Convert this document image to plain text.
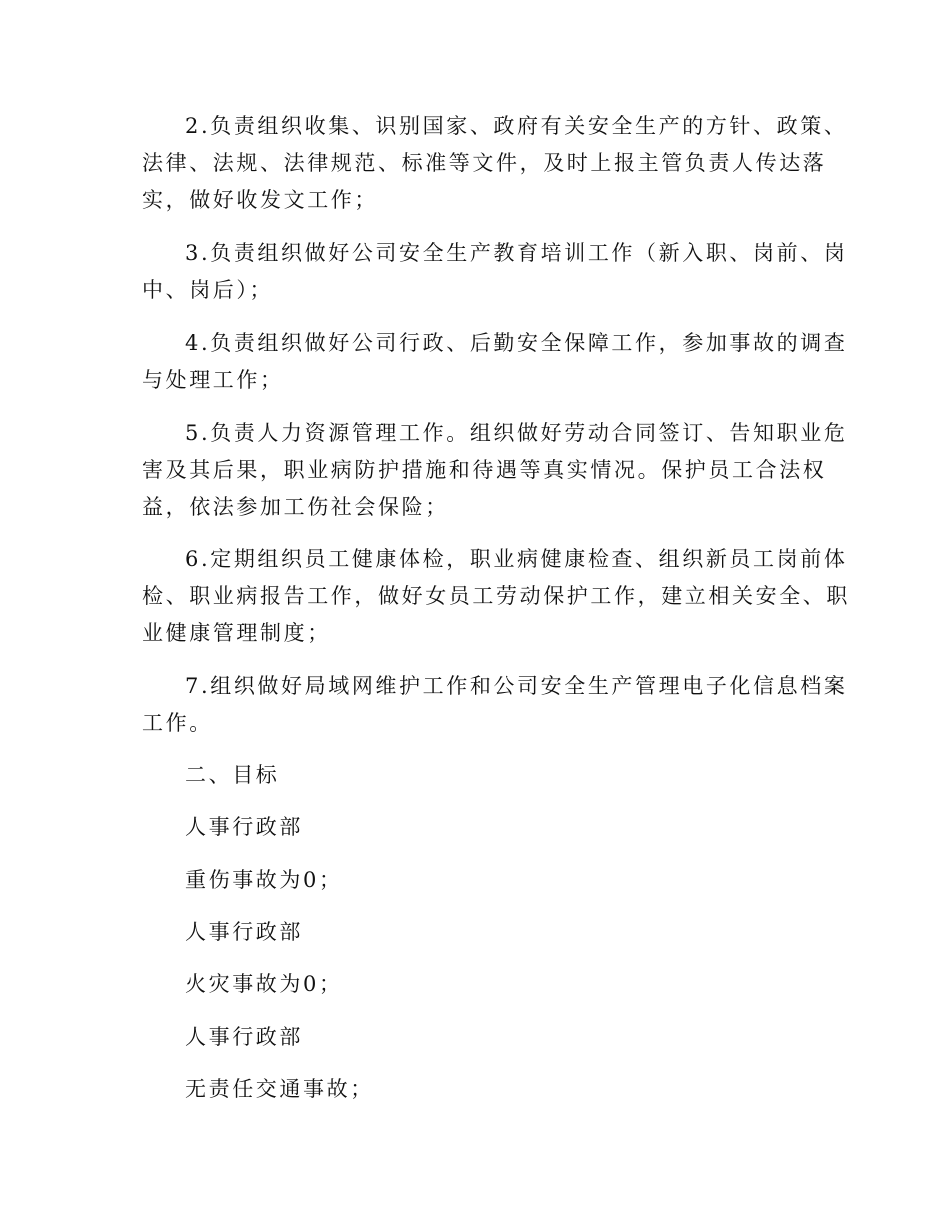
2.负责组织收集、识别国家、政府有关安全生产的方针、政策、
法律、法规、法律规范、标准等文件，及时上报主管负责人传达落
实，做好收发文工作；
3.负责组织做好公司安全生产教育培训工作（新入职、岗前、岗
中、岗后）；
4.负责组织做好公司行政、后勤安全保障工作，参加事故的调查
与处理工作；
5.负责人力资源管理工作。组织做好劳动合同签订、告知职业危
害及其后果，职业病防护措施和待遇等真实情况。保护员工合法权
益，依法参加工伤社会保险；
6.定期组织员工健康体检，职业病健康检查、组织新员工岗前体
检、职业病报告工作，做好女员工劳动保护工作，建立相关安全、职
业健康管理制度；
7.组织做好局域网维护工作和公司安全生产管理电子化信息档案
工作。
二、目标
人事行政部
重伤事故为0；
人事行政部
火灾事故为0；
人事行政部
无责任交通事故；
